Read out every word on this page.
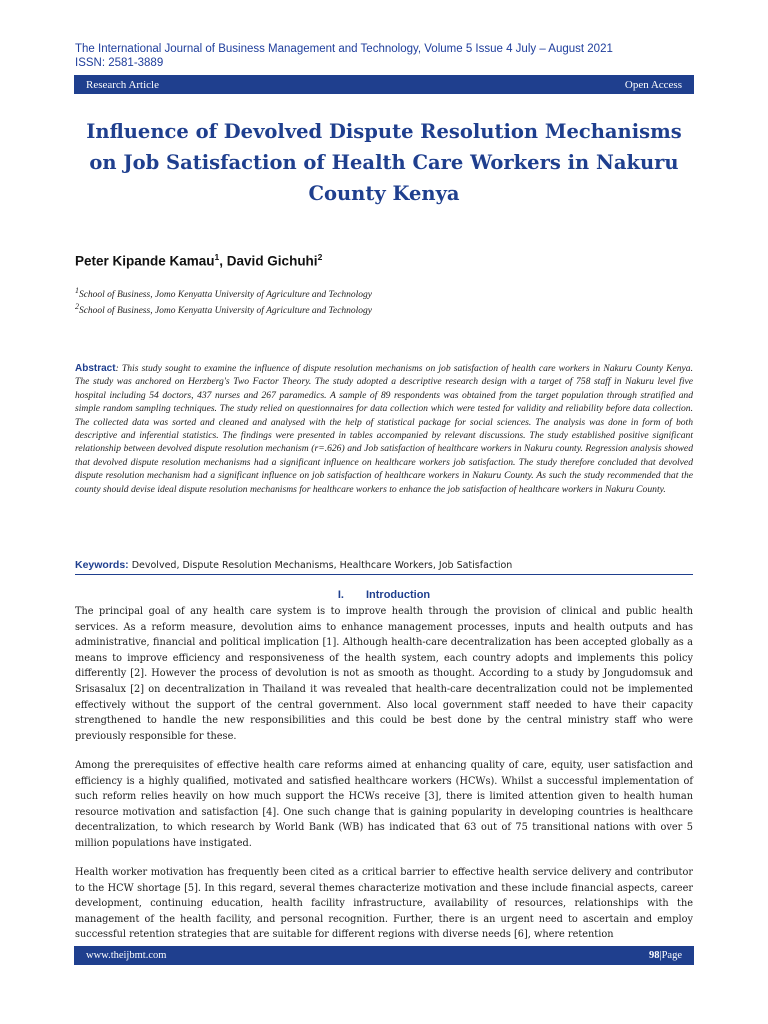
The International Journal of Business Management and Technology, Volume 5 Issue 4 July – August 2021
ISSN: 2581-3889
Research Article	Open Access
Influence of Devolved Dispute Resolution Mechanisms on Job Satisfaction of Health Care Workers in Nakuru County Kenya
Peter Kipande Kamau$^1$, David Gichuhi$^2$
$^1$School of Business, Jomo Kenyatta University of Agriculture and Technology
$^2$School of Business, Jomo Kenyatta University of Agriculture and Technology

Abstract: This study sought to examine the influence of dispute resolution mechanisms on job satisfaction of health care workers in Nakuru County Kenya. The study was anchored on Herzberg's Two Factor Theory. The study adopted a descriptive research design with a target of 758 staff in Nakuru level five hospital including 54 doctors, 437 nurses and 267 paramedics. A sample of 89 respondents was obtained from the target population through stratified and simple random sampling techniques. The study relied on questionnaires for data collection which were tested for validity and reliability before data collection. The collected data was sorted and cleaned and analysed with the help of statistical package for social sciences. The analysis was done in form of both descriptive and inferential statistics. The findings were presented in tables accompanied by relevant discussions. The study established positive significant relationship between devolved dispute resolution mechanism (r=.626) and Job satisfaction of healthcare workers in Nakuru county. Regression analysis showed that devolved dispute resolution mechanisms had a significant influence on healthcare workers job satisfaction. The study therefore concluded that devolved dispute resolution mechanism had a significant influence on job satisfaction of healthcare workers in Nakuru County. As such the study recommended that the county should devise ideal dispute resolution mechanisms for healthcare workers to enhance the job satisfaction of healthcare workers in Nakuru County.

Keywords: Devolved, Dispute Resolution Mechanisms, Healthcare Workers, Job Satisfaction
I. Introduction

The principal goal of any health care system is to improve health through the provision of clinical and public health services. As a reform measure, devolution aims to enhance management processes, inputs and health outputs and has administrative, financial and political implication [1]. Although health-care decentralization has been accepted globally as a means to improve efficiency and responsiveness of the health system, each country adopts and implements this policy differently [2]. However the process of devolution is not as smooth as thought. According to a study by Jongudomsuk and Srisasalux [2] on decentralization in Thailand it was revealed that health-care decentralization could not be implemented effectively without the support of the central government. Also local government staff needed to have their capacity strengthened to handle the new responsibilities and this could be best done by the central ministry staff who were previously responsible for these.

Among the prerequisites of effective health care reforms aimed at enhancing quality of care, equity, user satisfaction and efficiency is a highly qualified, motivated and satisfied healthcare workers (HCWs). Whilst a successful implementation of such reform relies heavily on how much support the HCWs receive [3], there is limited attention given to health human resource motivation and satisfaction [4]. One such change that is gaining popularity in developing countries is healthcare decentralization, to which research by World Bank (WB) has indicated that 63 out of 75 transitional nations with over 5 million populations have instigated.

Health worker motivation has frequently been cited as a critical barrier to effective health service delivery and contributor to the HCW shortage [5]. In this regard, several themes characterize motivation and these include financial aspects, career development, continuing education, health facility infrastructure, availability of resources, relationships with the management of the health facility, and personal recognition. Further, there is an urgent need to ascertain and employ successful retention strategies that are suitable for different regions with diverse needs [6], where retention

www.theijbmt.com	98|Page
